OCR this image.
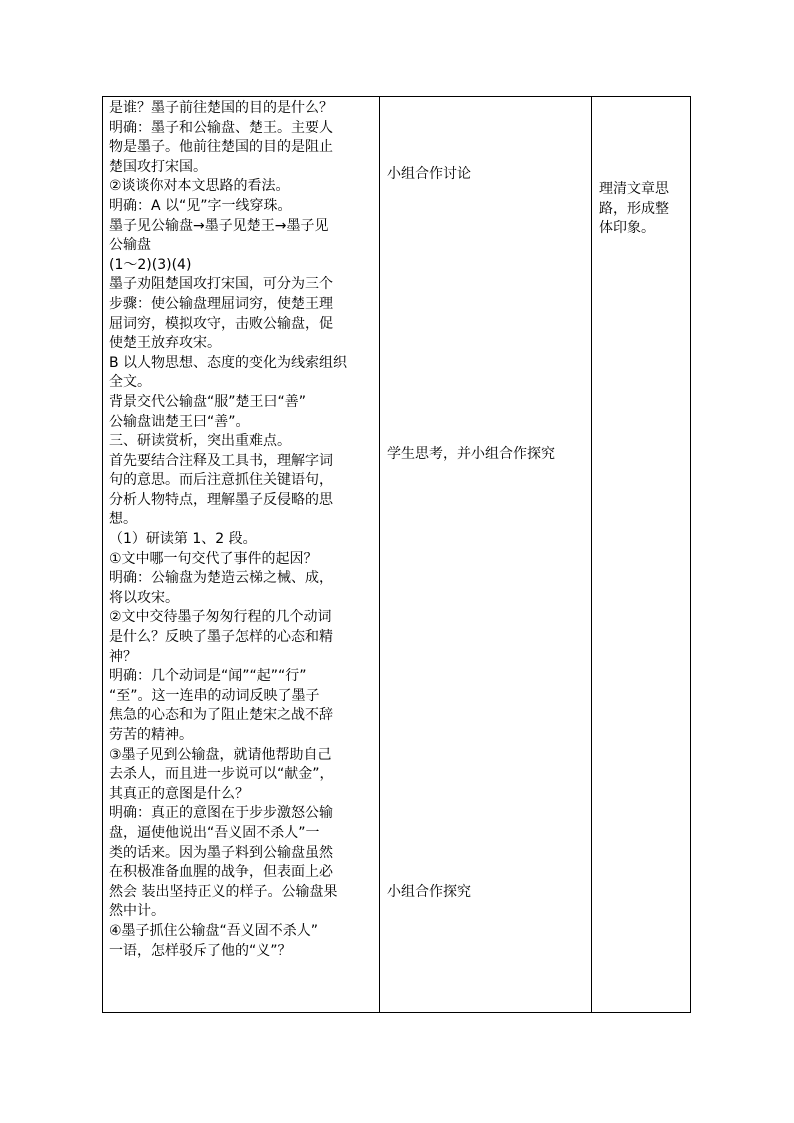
是谁？墨子前往楚国的目的是什么？
明确：墨子和公输盘、楚王。主要人
物是墨子。他前往楚国的目的是阻止
楚国攻打宋国。
②谈谈你对本文思路的看法。
明确：A 以“见”字一线穿珠。
墨子见公输盘→墨子见楚王→墨子见
公输盘
(1～2)(3)(4)
墨子劝阻楚国攻打宋国，可分为三个
步骤：使公输盘理屈词穷，使楚王理
屈词穷，模拟攻守，击败公输盘，促
使楚王放弃攻宋。
B 以人物思想、态度的变化为线索组织
全文。
背景交代公输盘“服”楚王曰“善”
公输盘诎楚王曰“善”。
三、研读赏析，突出重难点。
首先要结合注释及工具书，理解字词
句的意思。而后注意抓住关键语句，
分析人物特点，理解墨子反侵略的思
想。
（1）研读第 1、2 段。
①文中哪一句交代了事件的起因？
明确：公输盘为楚造云梯之械、成，
将以攻宋。
②文中交待墨子匆匆行程的几个动词
是什么？反映了墨子怎样的心态和精
神？
明确：几个动词是“闻”“起”“行”
“至”。这一连串的动词反映了墨子
焦急的心态和为了阻止楚宋之战不辞
劳苦的精神。
③墨子见到公输盘，就请他帮助自己
去杀人，而且进一步说可以“献金”，
其真正的意图是什么？
明确：真正的意图在于步步激怒公输
盘，逼使他说出“吾义固不杀人”一
类的话来。因为墨子料到公输盘虽然
在积极准备血腥的战争，但表面上必
然会 装出坚持正义的样子。公输盘果
然中计。
④墨子抓住公输盘“吾义固不杀人”
一语，怎样驳斥了他的“义”？
小组合作讨论
学生思考，并小组合作探究
小组合作探究
理清文章思
路，形成整
体印象。
